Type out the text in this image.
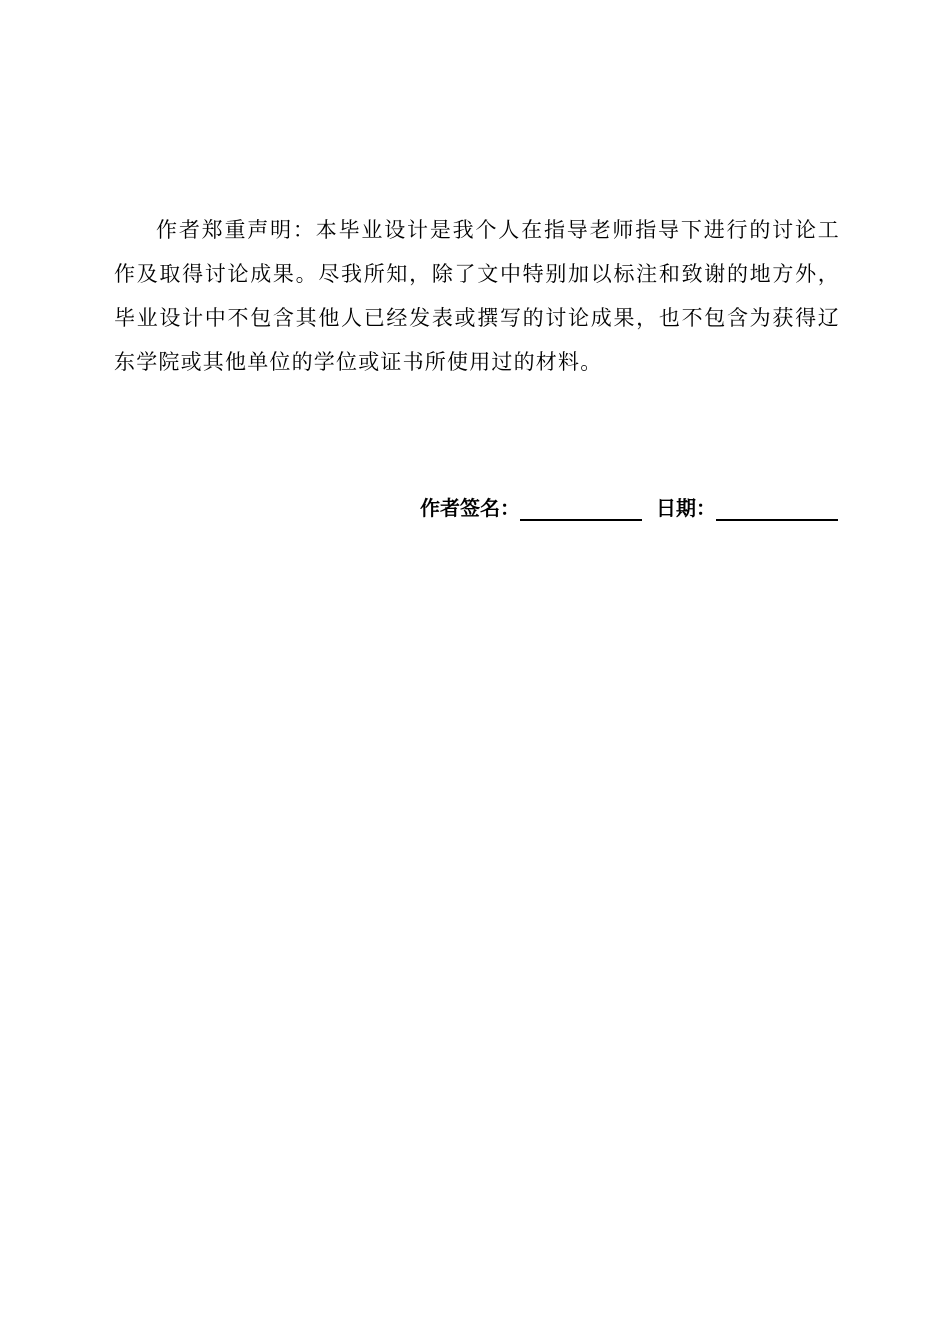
作者郑重声明：本毕业设计是我个人在指导老师指导下进行的讨论工作及取得讨论成果。尽我所知，除了文中特别加以标注和致谢的地方外，毕业设计中不包含其他人已经发表或撰写的讨论成果，也不包含为获得辽东学院或其他单位的学位或证书所使用过的材料。

作者签名：	日期：
